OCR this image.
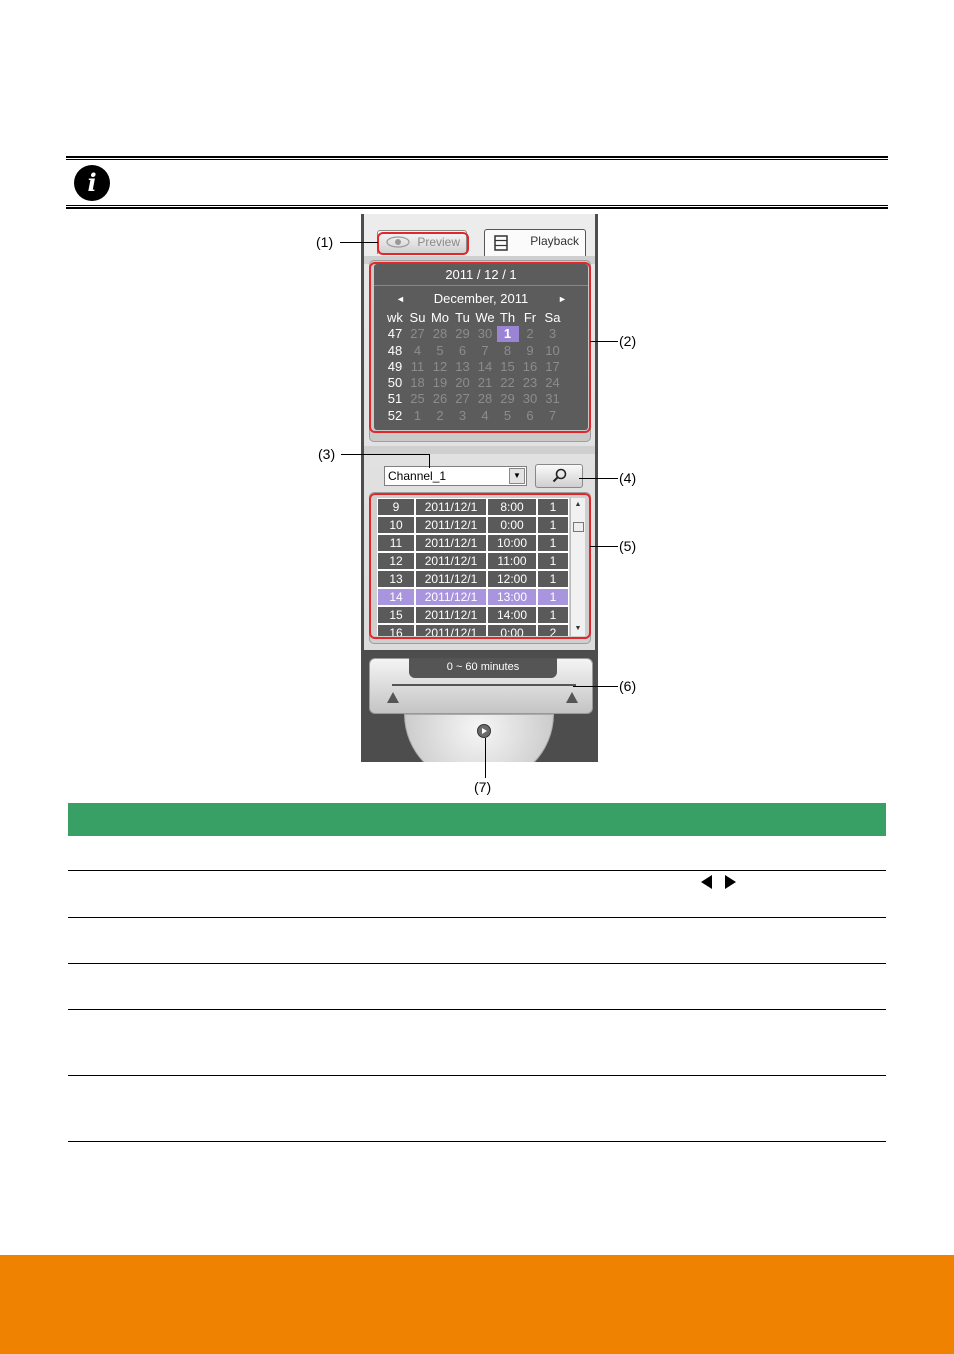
i
Preview	Playback
2011 / 12 / 1
◄ December, 2011	►
wk Su Mo Tu We Th Fr Sa
47 27 28 29 30 1	2	3
48 4	5	6	7	8	9 10
49 11 12 13 14 15 16 17
50 18 19 20 21 22 23 24
51 25 26 27 28 29 30 31
52 1	2	3	4	5	6	7
Channel_1	▼
9	2011/12/1	8:00	1
10	2011/12/1	0:00	1
11	2011/12/1	10:00	1
12	2011/12/1	11:00	1
13	2011/12/1	12:00	1
14	2011/12/1	13:00	1
15	2011/12/1	14:00	1
16	2011/12/1	0:00	2
▲
▼
0 ~ 60 minutes
(1)
(2)
(3)
(4)
(5)
(6)
(7)
